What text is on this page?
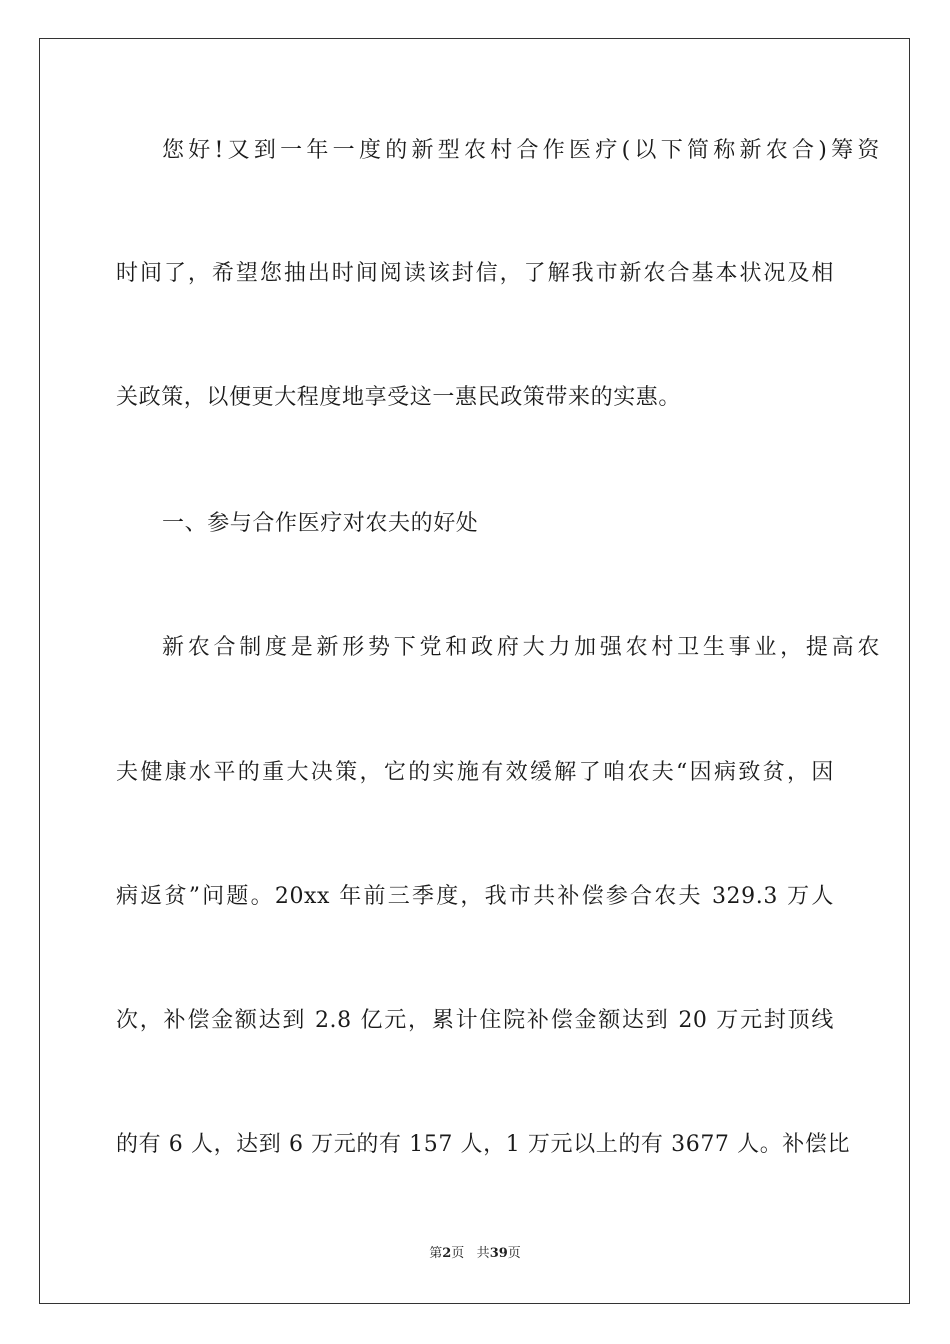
您好!又到一年一度的新型农村合作医疗(以下简称新农合)筹资
时间了，希望您抽出时间阅读该封信，了解我市新农合基本状况及相
关政策，以便更大程度地享受这一惠民政策带来的实惠。
一、参与合作医疗对农夫的好处
新农合制度是新形势下党和政府大力加强农村卫生事业，提高农
夫健康水平的重大决策，它的实施有效缓解了咱农夫“因病致贫，因
病返贫”问题。20xx 年前三季度，我市共补偿参合农夫 329.3 万人
次，补偿金额达到 2.8 亿元，累计住院补偿金额达到 20 万元封顶线
的有 6 人，达到 6 万元的有 157 人，1 万元以上的有 3677 人。补偿比
第2页 共39页
